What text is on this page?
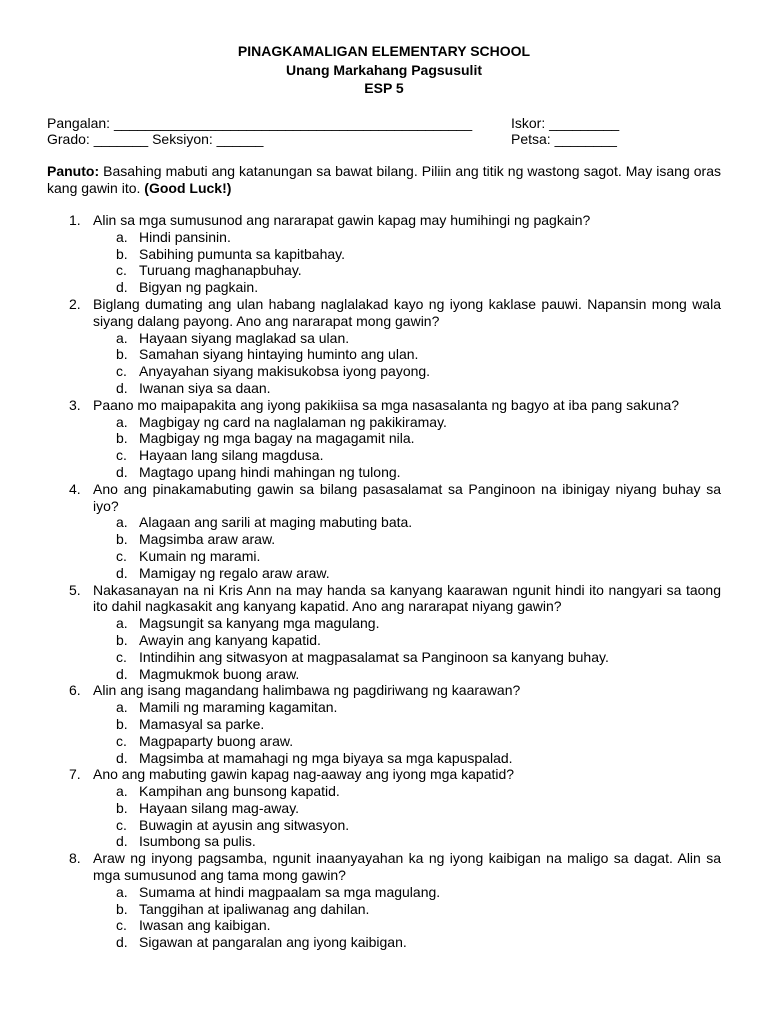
PINAGKAMALIGAN ELEMENTARY SCHOOL
Unang Markahang Pagsusulit
ESP 5
Pangalan: ______________________________________________	Iskor: _________
Grado: _______ Seksiyon: ______	Petsa: ________
Panuto: Basahing mabuti ang katanungan sa bawat bilang. Piliin ang titik ng wastong sagot. May isang oras kang gawin ito. (Good Luck!)
1. Alin sa mga sumusunod ang nararapat gawin kapag may humihingi ng pagkain?
a. Hindi pansinin.
b. Sabihing pumunta sa kapitbahay.
c. Turuang maghanapbuhay.
d. Bigyan ng pagkain.
2. Biglang dumating ang ulan habang naglalakad kayo ng iyong kaklase pauwi. Napansin mong wala siyang dalang payong. Ano ang nararapat mong gawin?
a. Hayaan siyang maglakad sa ulan.
b. Samahan siyang hintaying huminto ang ulan.
c. Anyayahan siyang makisukobsa iyong payong.
d. Iwanan siya sa daan.
3. Paano mo maipapakita ang iyong pakikiisa sa mga nasasalanta ng bagyo at iba pang sakuna?
a. Magbigay ng card na naglalaman ng pakikiramay.
b. Magbigay ng mga bagay na magagamit nila.
c. Hayaan lang silang magdusa.
d. Magtago upang hindi mahingan ng tulong.
4. Ano ang pinakamabuting gawin sa bilang pasasalamat sa Panginoon na ibinigay niyang buhay sa iyo?
a. Alagaan ang sarili at maging mabuting bata.
b. Magsimba araw araw.
c. Kumain ng marami.
d. Mamigay ng regalo araw araw.
5. Nakasanayan na ni Kris Ann na may handa sa kanyang kaarawan ngunit hindi ito nangyari sa taong ito dahil nagkasakit ang kanyang kapatid. Ano ang nararapat niyang gawin?
a. Magsungit sa kanyang mga magulang.
b. Awayin ang kanyang kapatid.
c. Intindihin ang sitwasyon at magpasalamat sa Panginoon sa kanyang buhay.
d. Magmukmok buong araw.
6. Alin ang isang magandang halimbawa ng pagdiriwang ng kaarawan?
a. Mamili ng maraming kagamitan.
b. Mamasyal sa parke.
c. Magpaparty buong araw.
d. Magsimba at mamahagi ng mga biyaya sa mga kapuspalad.
7. Ano ang mabuting gawin kapag nag-aaway ang iyong mga kapatid?
a. Kampihan ang bunsong kapatid.
b. Hayaan silang mag-away.
c. Buwagin at ayusin ang sitwasyon.
d. Isumbong sa pulis.
8. Araw ng inyong pagsamba, ngunit inaanyayahan ka ng iyong kaibigan na maligo sa dagat. Alin sa mga sumusunod ang tama mong gawin?
a. Sumama at hindi magpaalam sa mga magulang.
b. Tanggihan at ipaliwanag ang dahilan.
c. Iwasan ang kaibigan.
d. Sigawan at pangaralan ang iyong kaibigan.
